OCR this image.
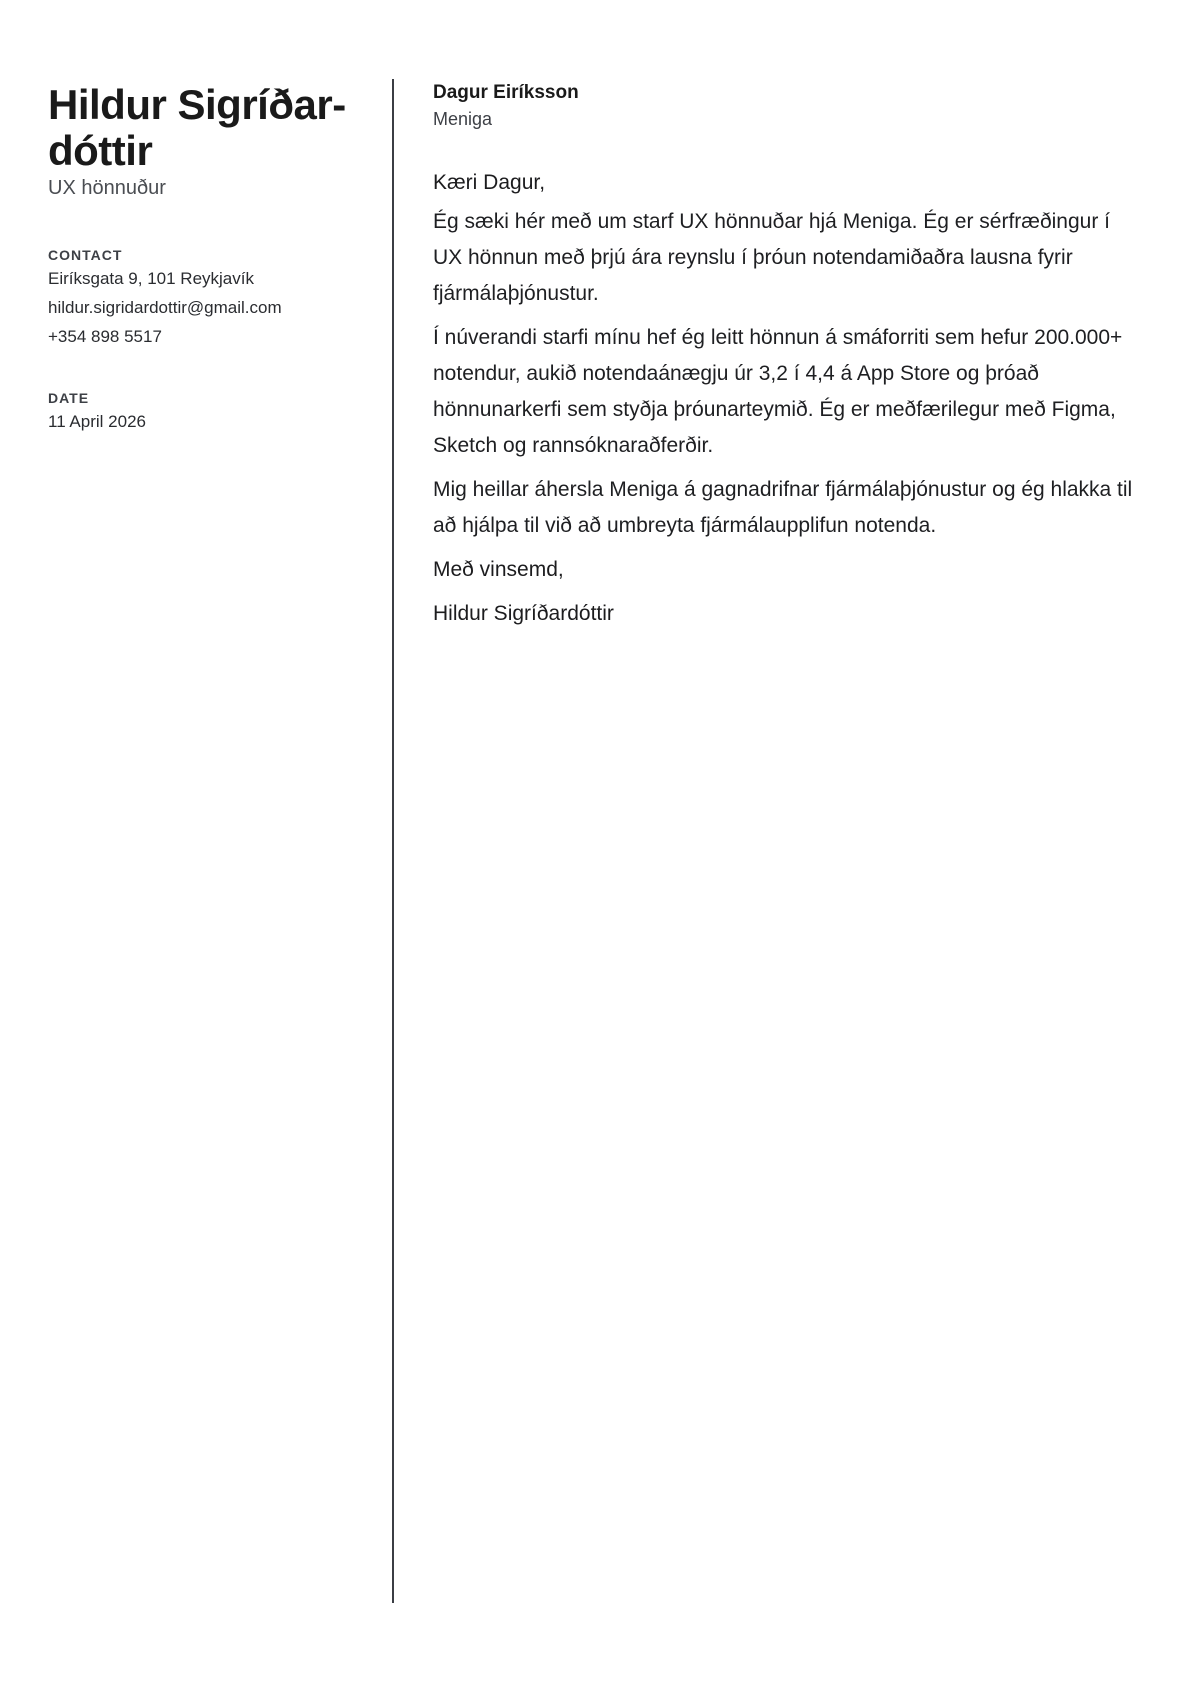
Hildur Sigríðar-
dóttir
UX hönnuður
CONTACT
Eiríksgata 9, 101 Reykjavík
hildur.sigridardottir@gmail.com
+354 898 5517
DATE
11 April 2026
Dagur Eiríksson
Meniga
Kæri Dagur,

Ég sæki hér með um starf UX hönnuðar hjá Meniga. Ég er sérfræðingur í UX hönnun með þrjú ára reynslu í þróun notendamiðaðra lausna fyrir fjármálaþjónustur.

Í núverandi starfi mínu hef ég leitt hönnun á smáforriti sem hefur 200.000+ notendur, aukið notendaánægju úr 3,2 í 4,4 á App Store og þróað hönnunarkerfi sem styðja þróunarteymið. Ég er meðfærilegur með Figma, Sketch og rannsóknaraðferðir.

Mig heillar áhersla Meniga á gagnadrifnar fjármálaþjónustur og ég hlakka til að hjálpa til við að umbreyta fjármálaupplifun notenda.

Með vinsemd,
Hildur Sigríðardóttir
